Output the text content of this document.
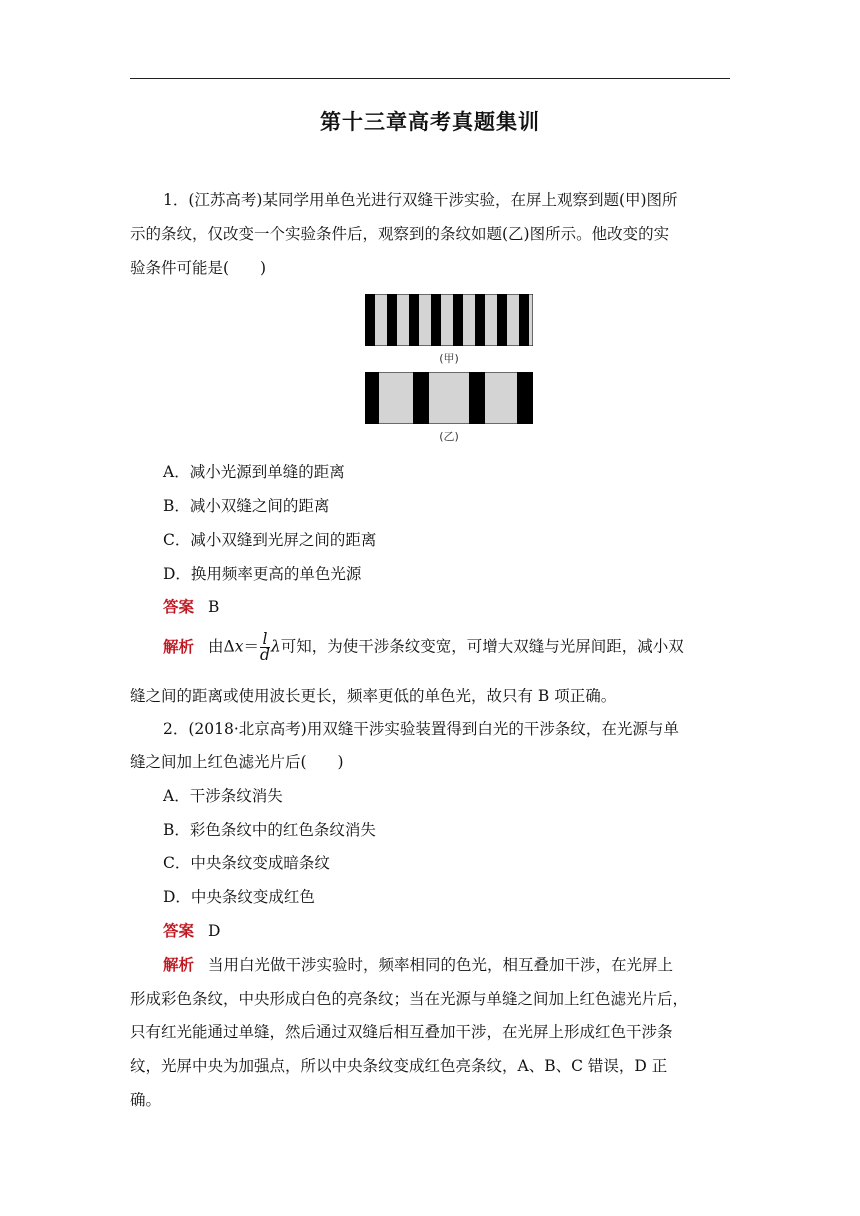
第十三章高考真题集训
1．(江苏高考)某同学用单色光进行双缝干涉实验，在屏上观察到题(甲)图所
示的条纹，仅改变一个实验条件后，观察到的条纹如题(乙)图所示。他改变的实
验条件可能是(　　)
(甲)
(乙)
A．减小光源到单缝的距离
B．减小双缝之间的距离
C．减小双缝到光屏之间的距离
D．换用频率更高的单色光源
答案 B
解析 由$\Delta x= \frac{l}{d}$ λ可知，为使干涉条纹变宽，可增大双缝与光屏间距，减小双
缝之间的距离或使用波长更长，频率更低的单色光，故只有 B 项正确。
2．(2018·北京高考)用双缝干涉实验装置得到白光的干涉条纹，在光源与单
缝之间加上红色滤光片后(　　)
A．干涉条纹消失
B．彩色条纹中的红色条纹消失
C．中央条纹变成暗条纹
D．中央条纹变成红色
答案 D
解析 当用白光做干涉实验时，频率相同的色光，相互叠加干涉，在光屏上
形成彩色条纹，中央形成白色的亮条纹；当在光源与单缝之间加上红色滤光片后，
只有红光能通过单缝，然后通过双缝后相互叠加干涉，在光屏上形成红色干涉条
纹，光屏中央为加强点，所以中央条纹变成红色亮条纹，A、B、C 错误，D 正
确。
